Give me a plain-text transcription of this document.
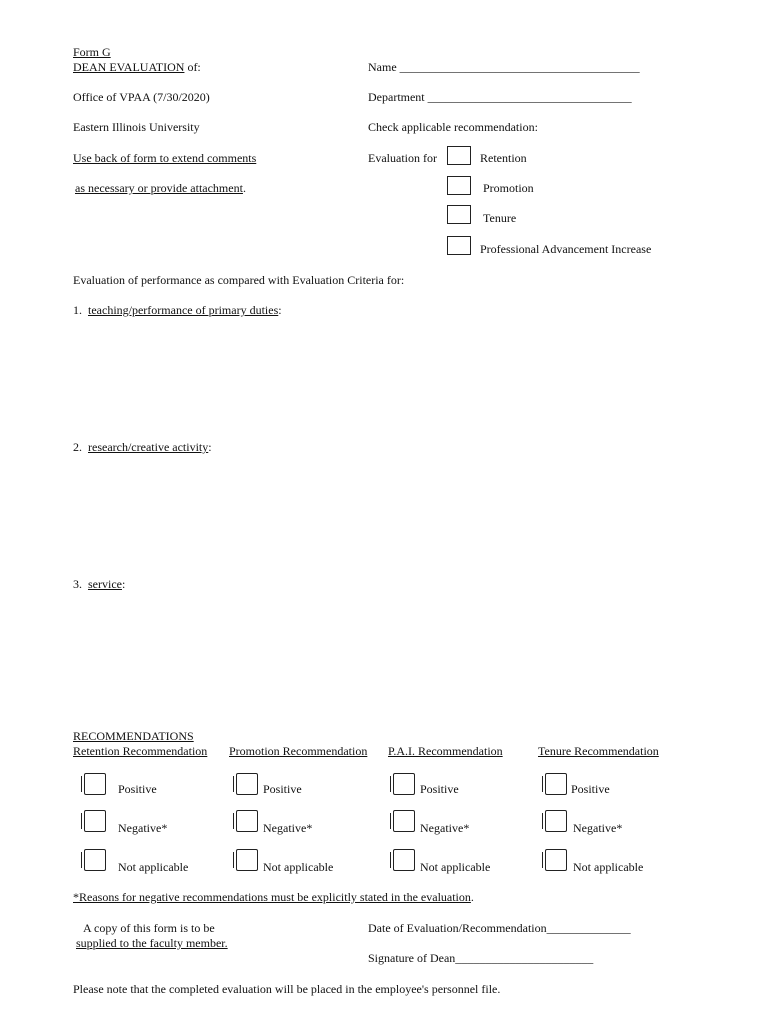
Form G
DEAN EVALUATION of:
Office of VPAA (7/30/2020)
Eastern Illinois University
Use back of form to extend comments
as necessary or provide attachment.
Name ________________________________________
Department __________________________________
Check applicable recommendation:
Evaluation for	Retention
Promotion
Tenure
Professional Advancement Increase
Evaluation of performance as compared with Evaluation Criteria for:
1. teaching/performance of primary duties:
2. research/creative activity:
3. service:
RECOMMENDATIONS
Retention Recommendation Promotion Recommendation P.A.I. Recommendation	Tenure Recommendation
Positive
Negative*
Not applicable
Positive
Negative*
Not applicable
Positive
Negative*
Not applicable
Positive
Negative*
Not applicable
*Reasons for negative recommendations must be explicitly stated in the evaluation.
A copy of this form is to be
supplied to the faculty member.
Date of Evaluation/Recommendation______________
Signature of Dean_______________________
Please note that the completed evaluation will be placed in the employee's personnel file.
